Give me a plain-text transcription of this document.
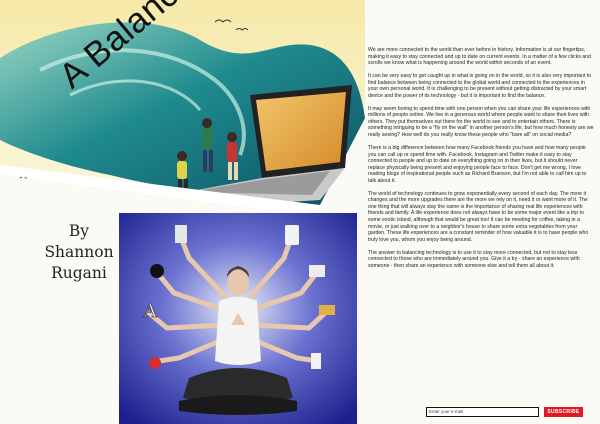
A
By
Shannon
Rugani

We are more connected to the world than ever before in history. Information is at our fingertips, making it easy to stay connected and up to date on current events. In a matter of a few clicks and scrolls we know what is happening around the world within seconds of an event.

It can be very easy to get caught up in what is going on in the world, so it is also very important to find balance between being connected to the global world and connected to the experiences in your own personal world. It is challenging to be present without getting distracted by your smart device and the power of its technology - but it is important to find the balance.

It may seem boring to spend time with one person when you can share your life experiences with millions of people online. We live in a generous world where people want to share their lives with others. They put themselves out there for the world to see and to entertain others. There is something intriguing to be a "fly on the wall" in another person's life, but how much honesty are we really seeing? How well do you really know these people who "bare all" on social media?

There is a big difference between how many Facebook friends you have and how many people you can call up or spend time with. Facebook, Instagram and Twitter make it easy to stay connected to people and up to date on everything going on in their lives, but it should never replace physically being present and enjoying people face to face. Don't get me wrong, I love reading blogs of inspirational people such as Richard Branson, but I'm not able to call him up to talk about it.

The world of technology continues to grow exponentially every second of each day. The more it changes and the more upgrades there are the more we rely on it, need it or want more of it. The one thing that will always stay the same is the importance of sharing real life experiences with friends and family. A life experience does not always have to be some major event like a trip to some exotic island, although that would be great too! It can be meeting for coffee, taking in a movie, or just walking over to a neighbor's house to share some extra vegetables from your garden. These life experiences are a constant reminder of how valuable it is to have people who truly love you, whom you enjoy being around.

The answer to balancing technology is to use it to stay more connected, but not to stay less connected to those who are immediately around you. Give it a try - share an experience with someone - then share an experience with someone else and tell them all about it.

Enter your e-mail	SUBSCRIBE
